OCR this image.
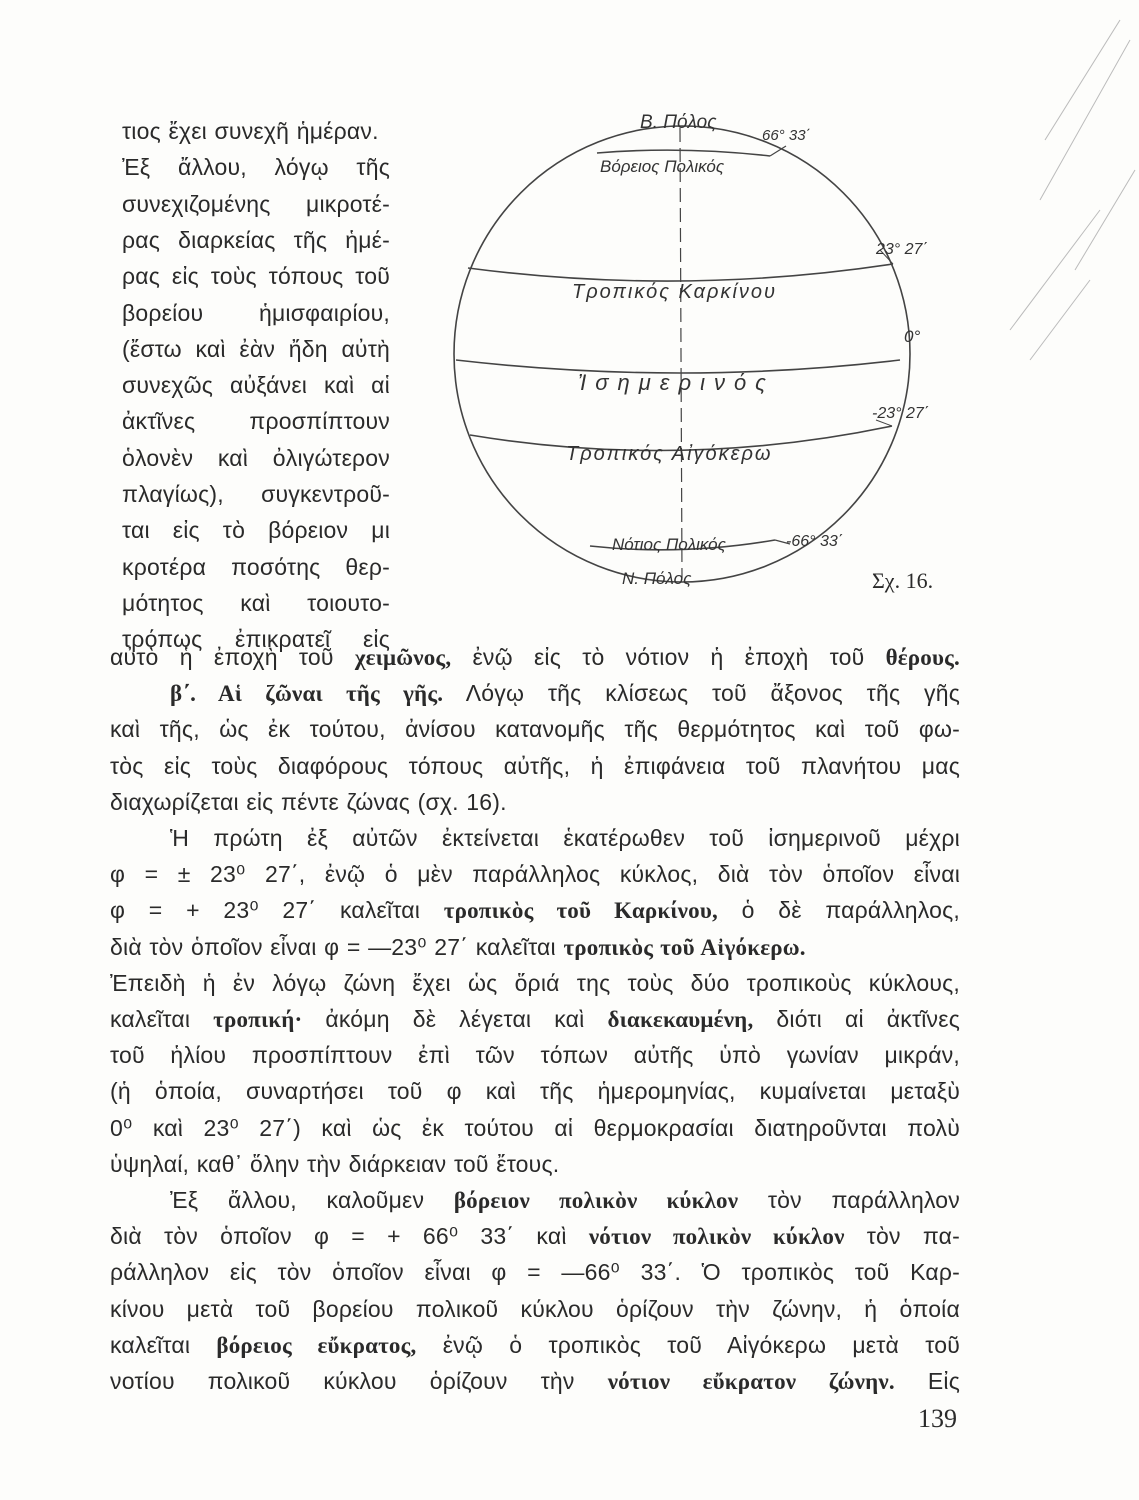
τιος ἔχει συνεχῆ ἡμέραν.
Ἐξ ἄλλου, λόγῳ τῆς
συνεχιζομένης μικροτέ-
ρας διαρκείας τῆς ἡμέ-
ρας εἰς τοὺς τόπους τοῦ
βορείου ἡμισφαιρίου,
(ἔστω καὶ ἐὰν ἤδη αὐτὴ
συνεχῶς αὐξάνει καὶ αἱ
ἀκτῖνες προσπίπτουν
ὁλονὲν καὶ ὀλιγώτερον
πλαγίως), συγκεντροῦ-
ται εἰς τὸ βόρειον μι
κροτέρα ποσότης θερ-
μότητος καὶ τοιουτο-
τρόπως ἐπικρατεῖ εἰς
Β. Πόλος
Βόρειος Πολικός
66° 33΄
Τροπικός Καρκίνου
23° 27΄
Ἰσημερινός
0°
Τροπικός Αἰγόκερω
-23° 27΄
Νότιος Πολικός	-66° 33΄
Ν. Πόλος	Σχ. 16.
αὐτὸ ἡ ἐποχὴ τοῦ χειμῶνος, ἐνῷ εἰς τὸ νότιον ἡ ἐποχὴ τοῦ θέρους.
β΄. Αἱ ζῶναι τῆς γῆς. Λόγῳ τῆς κλίσεως τοῦ ἄξονος τῆς γῆς
καὶ τῆς, ὡς ἐκ τούτου, ἀνίσου κατανομῆς τῆς θερμότητος καὶ τοῦ φω-
τὸς εἰς τοὺς διαφόρους τόπους αὐτῆς, ἡ ἐπιφάνεια τοῦ πλανήτου μας
διαχωρίζεται εἰς πέντε ζώνας (σχ. 16).
Ἡ πρώτη ἐξ αὐτῶν ἐκτείνεται ἑκατέρωθεν τοῦ ἰσημερινοῦ μέχρι
φ = ± 23⁰ 27΄, ἐνῷ ὁ μὲν παράλληλος κύκλος, διὰ τὸν ὁποῖον εἶναι
φ = + 23⁰ 27΄ καλεῖται τροπικὸς τοῦ Καρκίνου, ὁ δὲ παράλληλος,
διὰ τὸν ὁποῖον εἶναι φ = —23⁰ 27΄ καλεῖται τροπικὸς τοῦ Αἰγόκερω.
Ἐπειδὴ ἡ ἐν λόγῳ ζώνη ἔχει ὡς ὅριά της τοὺς δύο τροπικοὺς κύκλους,
καλεῖται τροπική· ἀκόμη δὲ λέγεται καὶ διακεκαυμένη, διότι αἱ ἀκτῖνες
τοῦ ἡλίου προσπίπτουν ἐπὶ τῶν τόπων αὐτῆς ὑπὸ γωνίαν μικράν,
(ἡ ὁποία, συναρτήσει τοῦ φ καὶ τῆς ἡμερομηνίας, κυμαίνεται μεταξὺ
0⁰ καὶ 23⁰ 27΄) καὶ ὡς ἐκ τούτου αἱ θερμοκρασίαι διατηροῦνται πολὺ
ὑψηλαί, καθ᾿ ὅλην τὴν διάρκειαν τοῦ ἔτους.
Ἐξ ἄλλου, καλοῦμεν βόρειον πολικὸν κύκλον τὸν παράλληλον
διὰ τὸν ὁποῖον φ = + 66⁰ 33΄ καὶ νότιον πολικὸν κύκλον τὸν πα-
ράλληλον εἰς τὸν ὁποῖον εἶναι φ = —66⁰ 33΄. Ὁ τροπικὸς τοῦ Καρ-
κίνου μετὰ τοῦ βορείου πολικοῦ κύκλου ὁρίζουν τὴν ζώνην, ἡ ὁποία
καλεῖται βόρειος εὔκρατος, ἐνῷ ὁ τροπικὸς τοῦ Αἰγόκερω μετὰ τοῦ
νοτίου πολικοῦ κύκλου ὁρίζουν τὴν νότιον εὔκρατον ζώνην. Εἰς
139
